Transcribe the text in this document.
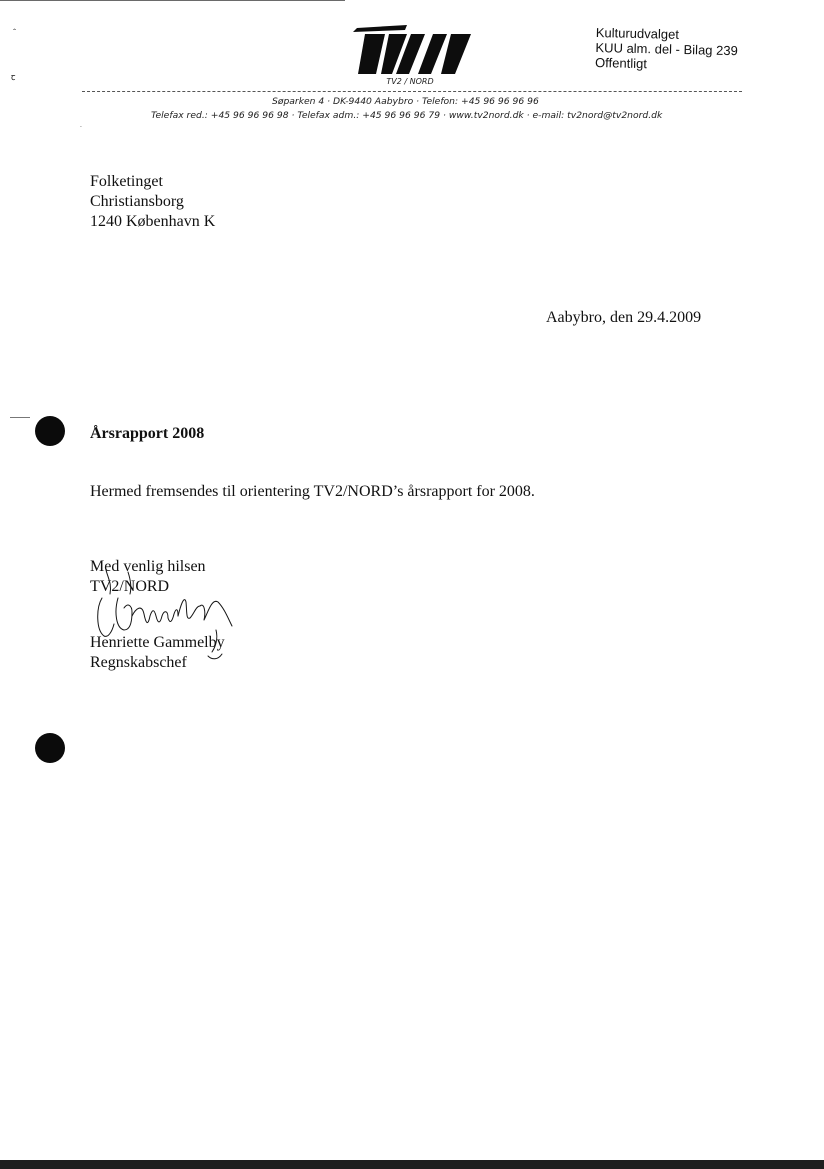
ꞈ
ꞇ
·
TV2 / NORD
Søparken 4 · DK-9440 Aabybro · Telefon: +45 96 96 96 96
Telefax red.: +45 96 96 96 98 · Telefax adm.: +45 96 96 96 79 · www.tv2nord.dk · e-mail: tv2nord@tv2nord.dk
Kulturudvalget
KUU alm. del - Bilag 239
Offentligt
Folketinget
Christiansborg
1240 København K
Aabybro, den 29.4.2009
Årsrapport 2008
Hermed fremsendes til orientering TV2/NORD’s årsrapport for 2008.
Med venlig hilsen
TV2/NORD
Henriette Gammelby
Regnskabschef
